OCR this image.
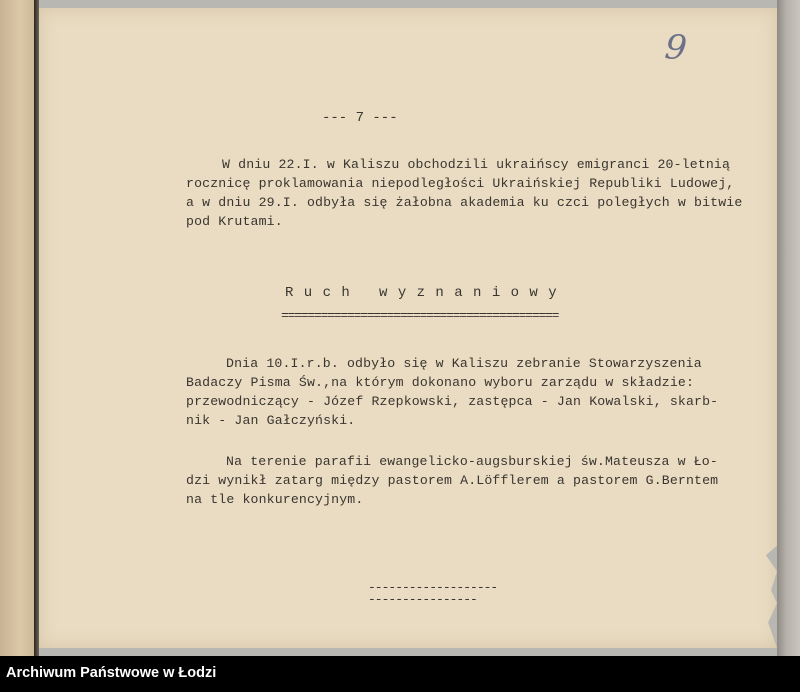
9
--- 7 ---
W dniu 22.I. w Kaliszu obchodzili ukraińscy emigranci 20-letnią
rocznicę proklamowania niepodległości Ukraińskiej Republiki Ludowej,
a w dniu 29.I. odbyła się żałobna akademia ku czci poległych w bitwie
pod Krutami.
R u c h   w y z n a n i o w y
==========================================
Dnia 10.I.r.b. odbyło się w Kaliszu zebranie Stowarzyszenia
Badaczy Pisma Św.,na którym dokonano wyboru zarządu w składzie:
przewodniczący - Józef Rzepkowski, zastępca - Jan Kowalski, skarb-
nik - Jan Gałczyński.
Na terenie parafii ewangelicko-augsburskiej św.Mateusza w Ło-
dzi wynikł zatarg między pastorem A.Löfflerem a pastorem G.Berntem
na tle konkurencyjnym.
-------------------
----------------
Archiwum Państwowe w Łodzi
